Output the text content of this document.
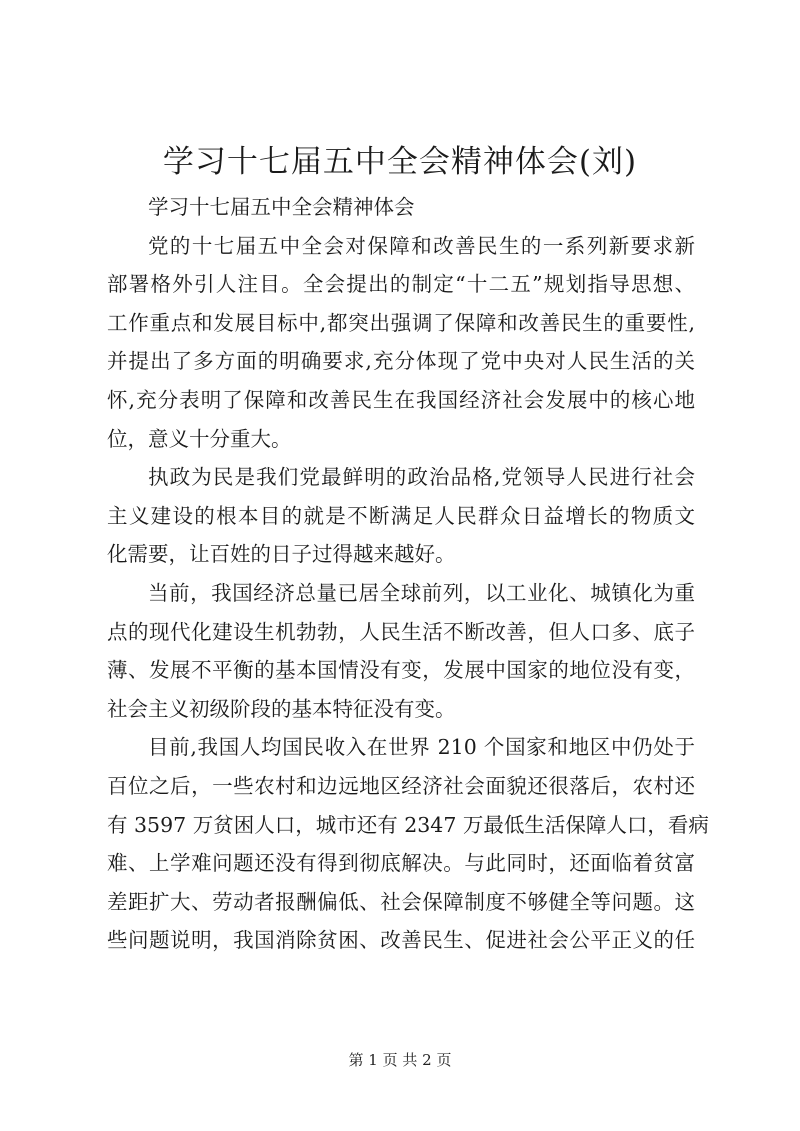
学习十七届五中全会精神体会(刘)
学习十七届五中全会精神体会
党的十七届五中全会对保障和改善民生的一系列新要求新
部署格外引人注目。全会提出的制定“十二五”规划指导思想、
工作重点和发展目标中,都突出强调了保障和改善民生的重要性,
并提出了多方面的明确要求,充分体现了党中央对人民生活的关
怀,充分表明了保障和改善民生在我国经济社会发展中的核心地
位，意义十分重大。
执政为民是我们党最鲜明的政治品格,党领导人民进行社会
主义建设的根本目的就是不断满足人民群众日益增长的物质文
化需要，让百姓的日子过得越来越好。
当前，我国经济总量已居全球前列，以工业化、城镇化为重
点的现代化建设生机勃勃，人民生活不断改善，但人口多、底子
薄、发展不平衡的基本国情没有变，发展中国家的地位没有变，
社会主义初级阶段的基本特征没有变。
目前,我国人均国民收入在世界 210 个国家和地区中仍处于
百位之后，一些农村和边远地区经济社会面貌还很落后，农村还
有 3597 万贫困人口，城市还有 2347 万最低生活保障人口，看病
难、上学难问题还没有得到彻底解决。与此同时，还面临着贫富
差距扩大、劳动者报酬偏低、社会保障制度不够健全等问题。这
些问题说明，我国消除贫困、改善民生、促进社会公平正义的任
第 1 页 共 2 页
